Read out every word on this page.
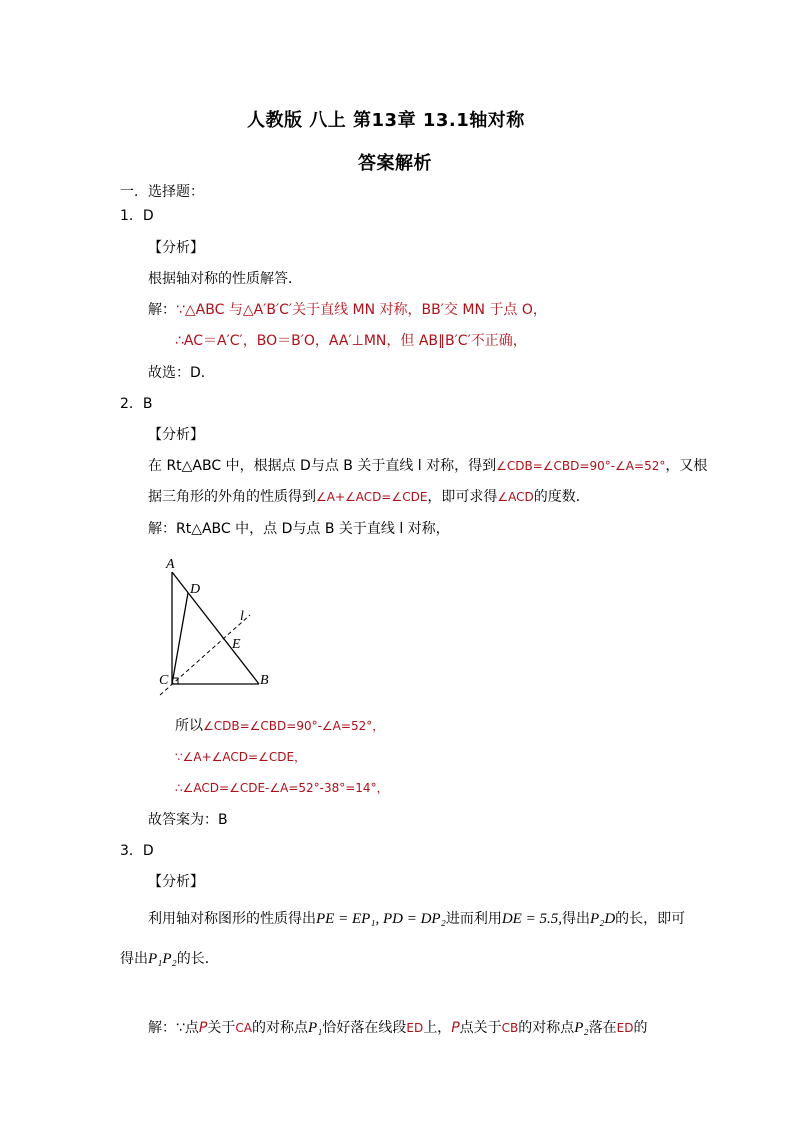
人教版 八上 第13章 13.1轴对称
答案解析
一．选择题：
1．D
【分析】
根据轴对称的性质解答．
解：∵△ABC 与△A′B′C′关于直线 MN 对称，BB′交 MN 于点 O，
∴AC＝A′C′，BO＝B′O，AA′⊥MN，但 AB∥B′C′不正确，
故选：D．
2．B
【分析】
在 Rt△ABC 中，根据点 D与点 B 关于直线 l 对称，得到∠CDB=∠CBD=90°-∠A=52°，又根
据三角形的外角的性质得到∠A+∠ACD=∠CDE，即可求得∠ACD的度数．
解：Rt△ABC 中，点 D与点 B 关于直线 l 对称，
A
D
l
E
C	B
所以∠CDB=∠CBD=90°-∠A=52°，
∵∠A+∠ACD=∠CDE，
∴∠ACD=∠CDE-∠A=52°-38°=14°，
故答案为：B
3．D
【分析】
利用轴对称图形的性质得出PE = EP₁, PD = DP₂进而利用DE = 5.5,得出P₂D的长，即可
得出P₁P₂的长．
解：∵点P关于CA的对称点P₁恰好落在线段ED上，P点关于CB的对称点P₂落在ED的
